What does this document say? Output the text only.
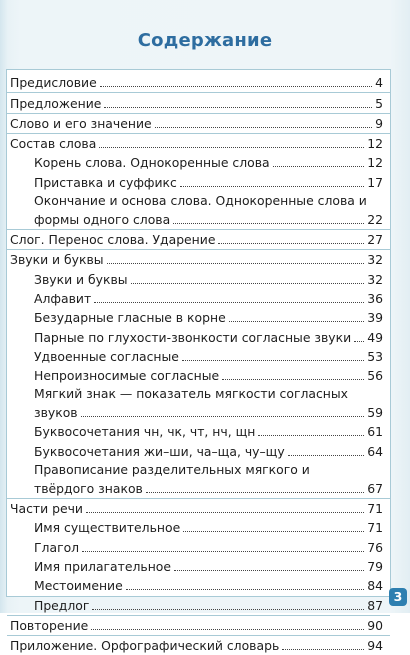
Содержание
Предисловие	4
Предложение	5
Слово и его значение	9
Состав слова	12
Корень слова. Однокоренные слова	12
Приставка и суффикс	17
Окончание и основа слова. Однокоренные слова и
формы одного слова	22
Слог. Перенос слова. Ударение	27
Звуки и буквы	32
Звуки и буквы	32
Алфавит	36
Безударные гласные в корне	39
Парные по глухости-звонкости согласные звуки 49
Удвоенные согласные	53
Непроизносимые согласные	56
Мягкий знак — показатель мягкости согласных
звуков	59
Буквосочетания чн, чк, чт, нч, щн	61
Буквосочетания жи–ши, ча–ща, чу–щу	64
Правописание разделительных мягкого и
твёрдого знаков	67
Части речи	71
Имя существительное	71
Глагол	76
Имя прилагательное	79
Местоимение	84
Предлог	87
Повторение	90
Приложение. Орфографический словарь	94
3
